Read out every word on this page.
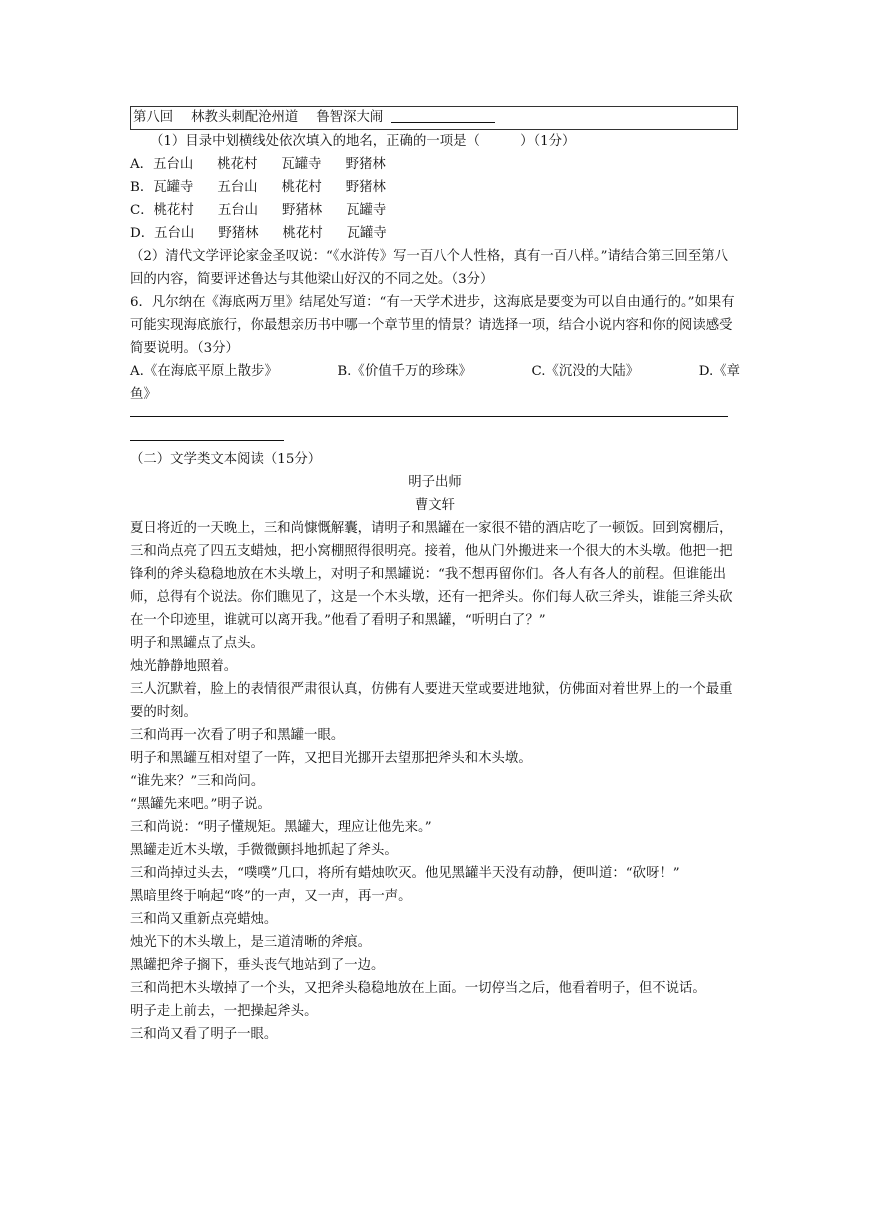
第八回 林教头刺配沧州道 鲁智深大闹
（1）目录中划横线处依次填入的地名，正确的一项是（　　　）（1分）
A．五台山 桃花村 瓦罐寺 野猪林
B．瓦罐寺 五台山 桃花村 野猪林
C．桃花村 五台山 野猪林 瓦罐寺
D．五台山 野猪林 桃花村 瓦罐寺
（2）清代文学评论家金圣叹说：“《水浒传》写一百八个人性格，真有一百八样。”请结合第三回至第八回的内容，简要评述鲁达与其他梁山好汉的不同之处。（3分）
6．凡尔纳在《海底两万里》结尾处写道：“有一天学术进步，这海底是要变为可以自由通行的。”如果有可能实现海底旅行，你最想亲历书中哪一个章节里的情景？请选择一项，结合小说内容和你的阅读感受简要说明。（3分）
A.《在海底平原上散步》	B.《价值千万的珍珠》	C.《沉没的大陆》	D.《章
鱼》
（二）文学类文本阅读（15分）
明子出师
曹文轩

夏日将近的一天晚上，三和尚慷慨解囊，请明子和黑罐在一家很不错的酒店吃了一顿饭。回到窝棚后，三和尚点亮了四五支蜡烛，把小窝棚照得很明亮。接着，他从门外搬进来一个很大的木头墩。他把一把锋利的斧头稳稳地放在木头墩上，对明子和黑罐说：“我不想再留你们。各人有各人的前程。但谁能出师，总得有个说法。你们瞧见了，这是一个木头墩，还有一把斧头。你们每人砍三斧头，谁能三斧头砍在一个印迹里，谁就可以离开我。”他看了看明子和黑罐，“听明白了？”

明子和黑罐点了点头。

烛光静静地照着。

三人沉默着，脸上的表情很严肃很认真，仿佛有人要进天堂或要进地狱，仿佛面对着世界上的一个最重要的时刻。

三和尚再一次看了明子和黑罐一眼。

明子和黑罐互相对望了一阵，又把目光挪开去望那把斧头和木头墩。

“谁先来？”三和尚问。

“黑罐先来吧。”明子说。

三和尚说：“明子懂规矩。黑罐大，理应让他先来。”

黑罐走近木头墩，手微微颤抖地抓起了斧头。

三和尚掉过头去，“噗噗”几口，将所有蜡烛吹灭。他见黑罐半天没有动静，便叫道：“砍呀！”

黑暗里终于响起“咚”的一声，又一声，再一声。

三和尚又重新点亮蜡烛。

烛光下的木头墩上，是三道清晰的斧痕。

黑罐把斧子搁下，垂头丧气地站到了一边。

三和尚把木头墩掉了一个头，又把斧头稳稳地放在上面。一切停当之后，他看着明子，但不说话。

明子走上前去，一把操起斧头。

三和尚又看了明子一眼。
